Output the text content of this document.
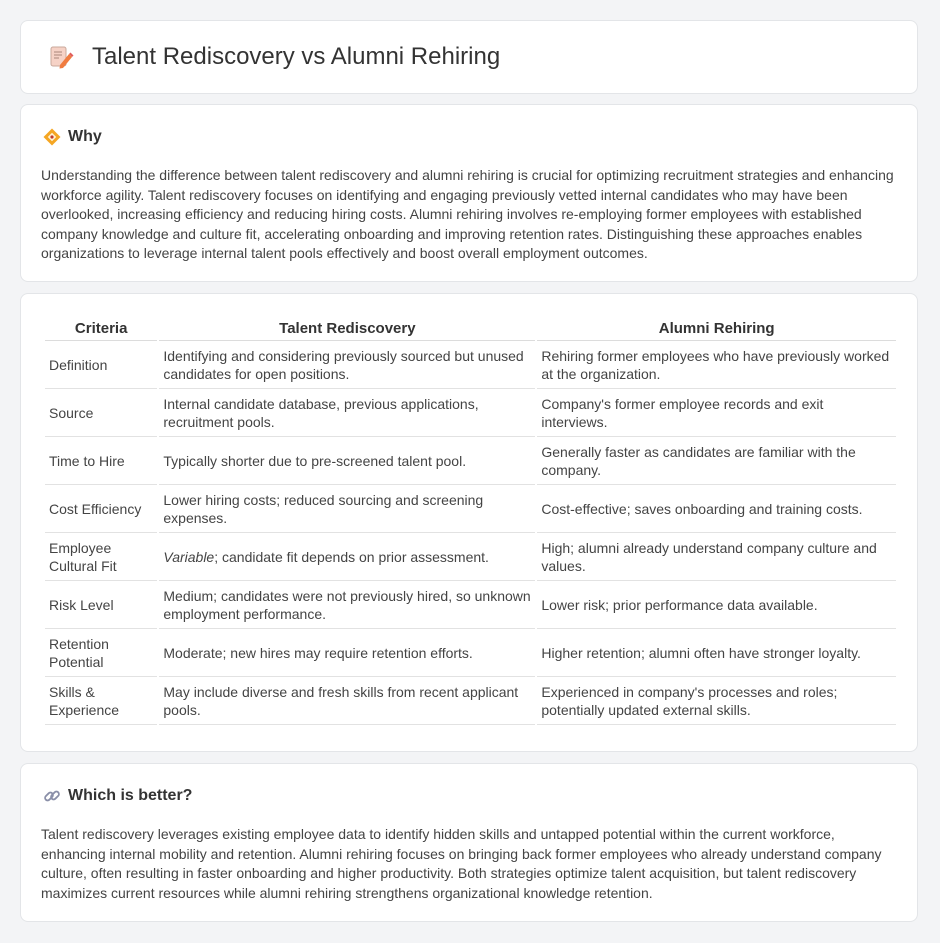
Talent Rediscovery vs Alumni Rehiring
Why

Understanding the difference between talent rediscovery and alumni rehiring is crucial for optimizing recruitment strategies and enhancing workforce agility. Talent rediscovery focuses on identifying and engaging previously vetted internal candidates who may have been overlooked, increasing efficiency and reducing hiring costs. Alumni rehiring involves re-employing former employees with established company knowledge and culture fit, accelerating onboarding and improving retention rates. Distinguishing these approaches enables organizations to leverage internal talent pools effectively and boost overall employment outcomes.

Criteria	Talent Rediscovery	Alumni Rehiring
Definition	Identifying and considering previously sourced but unused candidates for open positions.	Rehiring former employees who have previously worked at the organization.
Source	Internal candidate database, previous applications, recruitment pools.	Company's former employee records and exit interviews.
Time to Hire	Typically shorter due to pre-screened talent pool.	Generally faster as candidates are familiar with the company.
Cost Efficiency	Lower hiring costs; reduced sourcing and screening expenses.	Cost-effective; saves onboarding and training costs.
Employee Cultural Fit	Variable; candidate fit depends on prior assessment.	High; alumni already understand company culture and values.
Risk Level	Medium; candidates were not previously hired, so unknown employment performance.	Lower risk; prior performance data available.
Retention Potential	Moderate; new hires may require retention efforts.	Higher retention; alumni often have stronger loyalty.
Skills & Experience	May include diverse and fresh skills from recent applicant pools.	Experienced in company's processes and roles; potentially updated external skills.
Which is better?

Talent rediscovery leverages existing employee data to identify hidden skills and untapped potential within the current workforce, enhancing internal mobility and retention. Alumni rehiring focuses on bringing back former employees who already understand company culture, often resulting in faster onboarding and higher productivity. Both strategies optimize talent acquisition, but talent rediscovery maximizes current resources while alumni rehiring strengthens organizational knowledge retention.
